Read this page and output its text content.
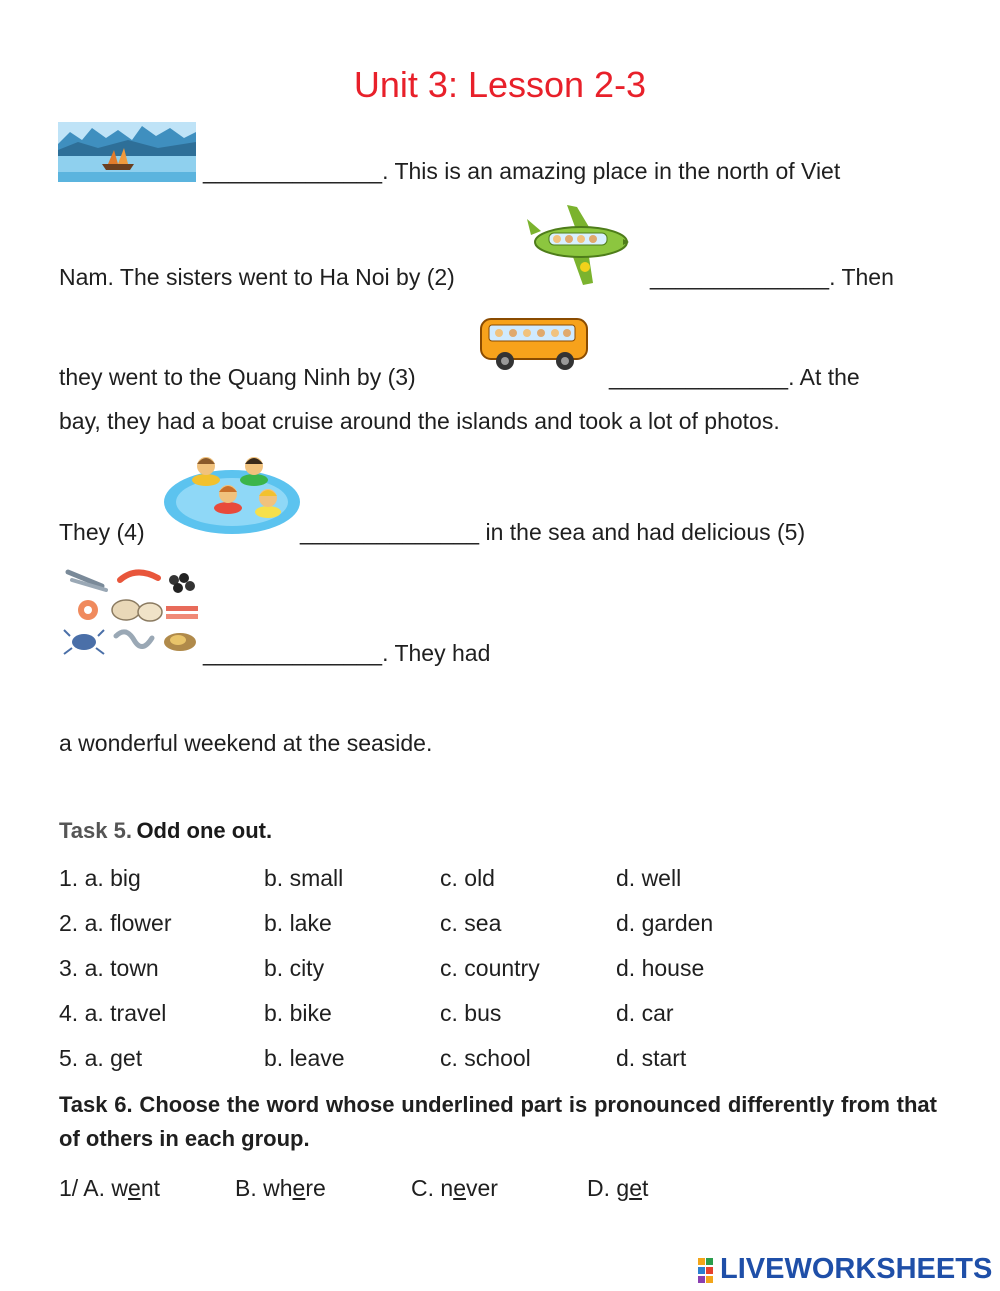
Unit 3: Lesson 2-3
______________. This is an amazing place in the north of Viet
Nam. The sisters went to Ha Noi by (2)	______________. Then
they went to the Quang Ninh by (3)	______________. At the
bay, they had a boat cruise around the islands and took a lot of photos.
They (4)	______________ in the sea and had delicious (5)
______________. They had
a wonderful weekend at the seaside.
Task 5. Odd one out.
1. a. big	b. small	c. old	d. well
2. a. flower	b. lake	c. sea	d. garden
3. a. town	b. city	c. country	d. house
4. a. travel	b. bike	c. bus	d. car
5. a. get	b. leave	c. school	d. start
Task 6. Choose the word whose underlined part is pronounced differently from that of others in each group.
1/ A. went	B. where	C. never	D. get
LIVEWORKSHEETS
